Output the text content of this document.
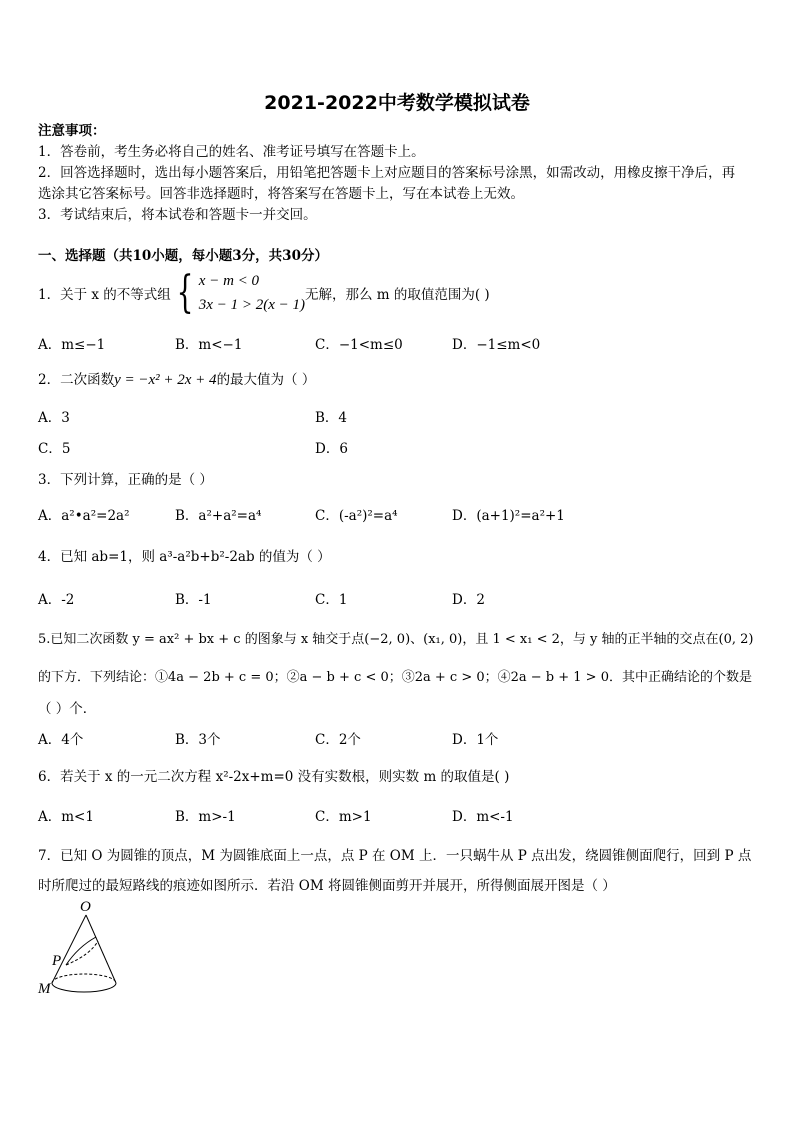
2021-2022中考数学模拟试卷
注意事项：
1．答卷前，考生务必将自己的姓名、准考证号填写在答题卡上。
2．回答选择题时，选出每小题答案后，用铅笔把答题卡上对应题目的答案标号涂黑，如需改动，用橡皮擦干净后，再
选涂其它答案标号。回答非选择题时，将答案写在答题卡上，写在本试卷上无效。
3．考试结束后，将本试卷和答题卡一并交回。
一、选择题（共10小题，每小题3分，共30分）
1．关于 x 的不等式组 { x − m < 0
3x − 1 > 2(x − 1)
无解，那么 m 的取值范围为( )
A．m≤−1	B．m<−1	C．−1<m≤0	D．−1≤m<0
2．二次函数y = −x² + 2x + 4的最大值为（ ）
A．3	B．4
C．5	D．6
3．下列计算，正确的是（ ）
A．a²•a²=2a²	B．a²+a²=a⁴	C．(-a²)²=a⁴	D．(a+1)²=a²+1
4．已知 ab=1，则 a³-a²b+b²-2ab 的值为（ ）
A．-2	B．-1	C．1	D．2
5.已知二次函数 y = ax² + bx + c 的图象与 x 轴交于点(−2, 0)、(x₁, 0)，且 1 < x₁ < 2，与 y 轴的正半轴的交点在(0, 2)
的下方．下列结论：①4a − 2b + c = 0；②a − b + c < 0；③2a + c > 0；④2a − b + 1 > 0．其中正确结论的个数是
（ ）个．
A．4个	B．3个	C．2个	D．1个
6．若关于 x 的一元二次方程 x²-2x+m=0 没有实数根，则实数 m 的取值是( )
A．m<1	B．m>-1	C．m>1	D．m<-1
7．已知 O 为圆锥的顶点，M 为圆锥底面上一点，点 P 在 OM 上．一只蜗牛从 P 点出发，绕圆锥侧面爬行，回到 P 点
时所爬过的最短路线的痕迹如图所示．若沿 OM 将圆锥侧面剪开并展开，所得侧面展开图是（ ）
O
P
M
